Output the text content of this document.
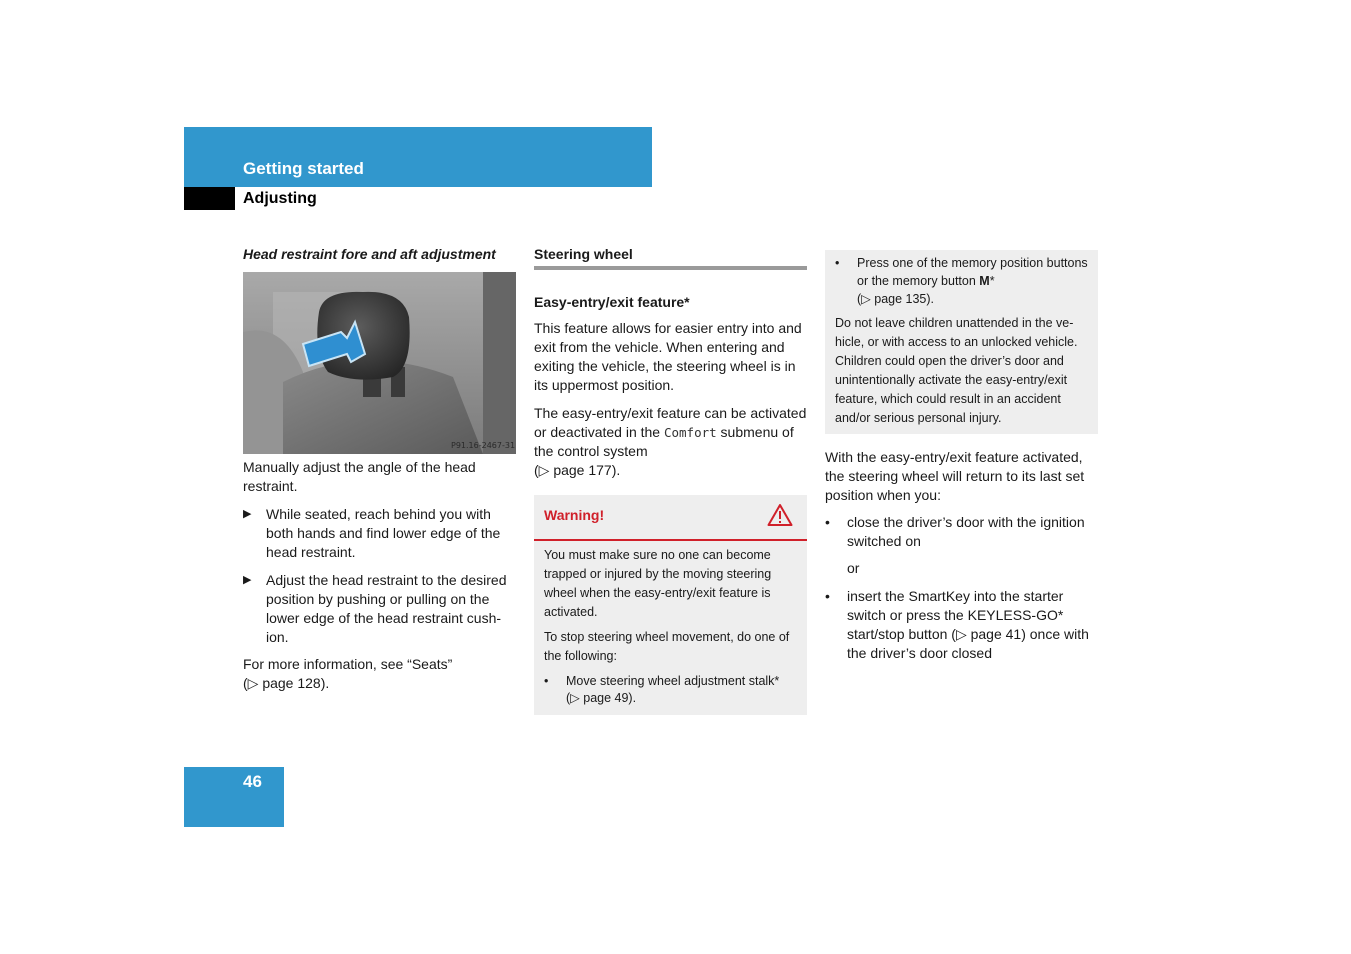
Getting started
Adjusting

Head restraint fore and aft adjustment

P91.16-2467-31

Manually adjust the angle of the head restraint.

▶ While seated, reach behind you with both hands and find lower edge of the head restraint.
▶ Adjust the head restraint to the desired position by pushing or pulling on the lower edge of the head restraint cush-ion.

For more information, see “Seats”

(▷ page 128).

Steering wheel

Easy-entry/exit feature*

This feature allows for easier entry into and exit from the vehicle. When entering and exiting the vehicle, the steering wheel is in its uppermost position.

The easy-entry/exit feature can be activated or deactivated in the Comfort submenu of the control system
(▷ page 177).

Warning!

You must make sure no one can become trapped or injured by the moving steering wheel when the easy-entry/exit feature is activated.

To stop steering wheel movement, do one of the following:

• Move steering wheel adjustment stalk*
(▷ page 49).
• Press one of the memory position buttons or the memory button M*
(▷ page 135).

Do not leave children unattended in the ve-hicle, or with access to an unlocked vehicle. Children could open the driver’s door and unintentionally activate the easy-entry/exit feature, which could result in an accident and/or serious personal injury.

With the easy-entry/exit feature activated, the steering wheel will return to its last set position when you:

• close the driver’s door with the ignition switched on

or

• insert the SmartKey into the starter switch or press the KEYLESS-GO* start/stop button (▷ page 41) once with the driver’s door closed
46
